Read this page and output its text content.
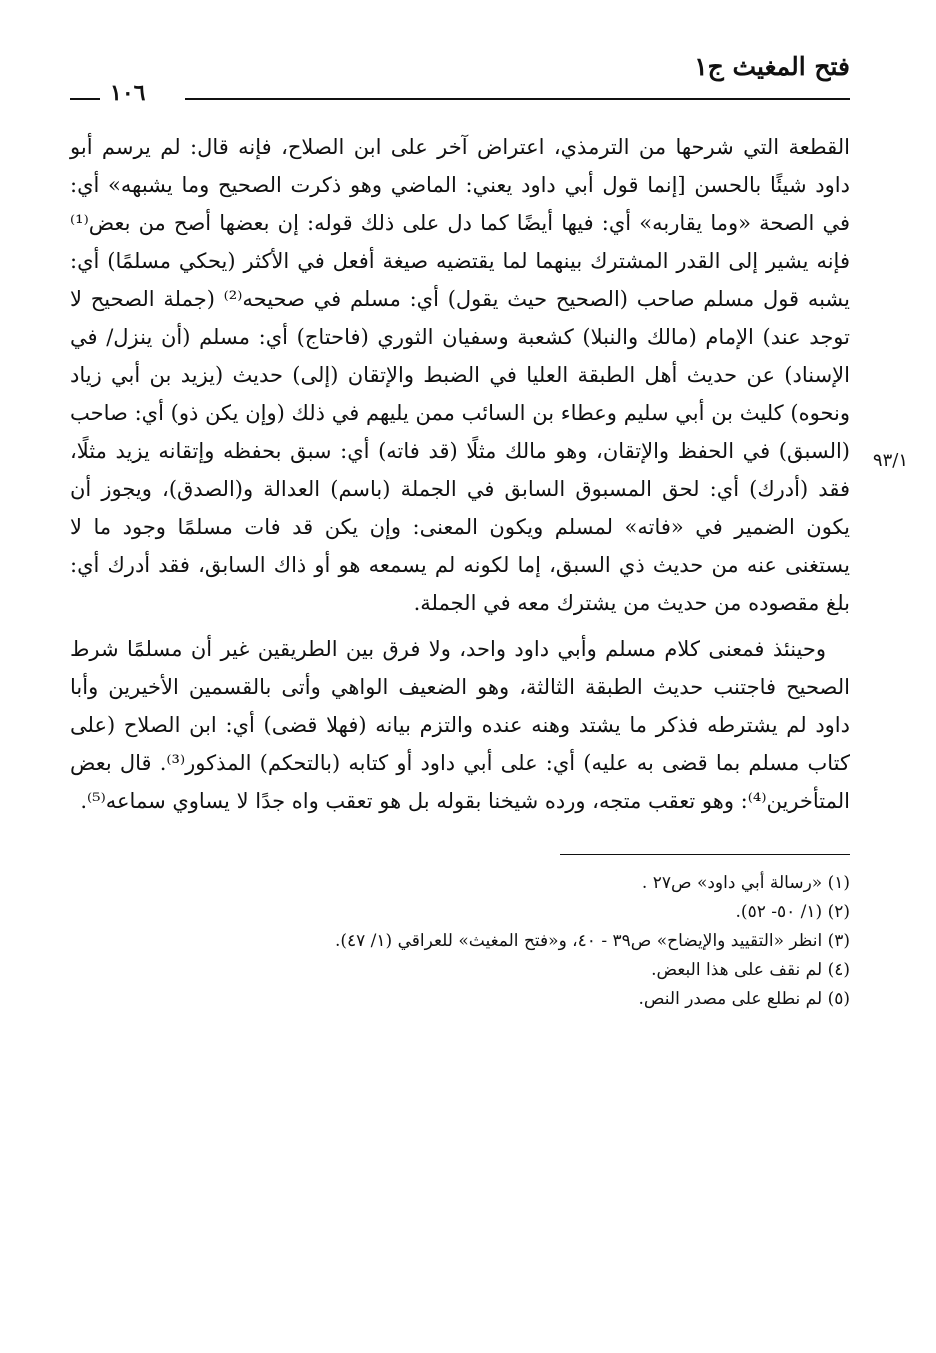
فتح المغيث ج١
١٠٦

القطعة التي شرحها من الترمذي، اعتراض آخر على ابن الصلاح، فإنه قال: لم يرسم أبو داود شيئًا بالحسن [إنما قول أبي داود يعني: الماضي وهو ذكرت الصحيح وما يشبهه» أي: في الصحة «وما يقاربه» أي: فيها أيضًا كما دل على ذلك قوله: إن بعضها أصح من بعض⁽¹⁾ فإنه يشير إلى القدر المشترك بينهما لما يقتضيه صيغة أفعل في الأكثر (يحكي مسلمًا) أي: يشبه قول مسلم صاحب (الصحيح حيث يقول) أي: مسلم في صحيحه⁽²⁾ (جملة الصحيح لا توجد عند) الإمام (مالك والنبلا) كشعبة وسفيان الثوري (فاحتاج) أي: مسلم (أن ينزل/ في الإسناد) عن حديث أهل الطبقة العليا في الضبط والإتقان (إلى) حديث (يزيد بن أبي زياد ونحوه) كليث بن أبي سليم وعطاء بن السائب ممن يليهم في ذلك (وإن يكن ذو) أي: صاحب (السبق) في الحفظ والإتقان، وهو مالك مثلًا (قد فاته) أي: سبق بحفظه وإتقانه يزيد مثلًا، فقد (أدرك) أي: لحق المسبوق السابق في الجملة (باسم) العدالة و(الصدق)، ويجوز أن يكون الضمير في «فاته» لمسلم ويكون المعنى: وإن يكن قد فات مسلمًا وجود ما لا يستغنى عنه من حديث ذي السبق، إما لكونه لم يسمعه هو أو ذاك السابق، فقد أدرك أي: بلغ مقصوده من حديث من يشترك معه في الجملة.

وحينئذ فمعنى كلام مسلم وأبي داود واحد، ولا فرق بين الطريقين غير أن مسلمًا شرط الصحيح فاجتنب حديث الطبقة الثالثة، وهو الضعيف الواهي وأتى بالقسمين الأخيرين وأبا داود لم يشترطه فذكر ما يشتد وهنه عنده والتزم بيانه (فهلا قضى) أي: ابن الصلاح (على كتاب مسلم بما قضى به عليه) أي: على أبي داود أو كتابه (بالتحكم) المذكور⁽³⁾. قال بعض المتأخرين⁽⁴⁾: وهو تعقب متجه، ورده شيخنا بقوله بل هو تعقب واه جدًا لا يساوي سماعه⁽⁵⁾.

٩٣/١
(١) «رسالة أبي داود» ص٢٧ .
(٢) (١/ ٥٠- ٥٢).
(٣) انظر «التقييد والإيضاح» ص٣٩ - ٤٠، و«فتح المغيث» للعراقي (١/ ٤٧).
(٤) لم نقف على هذا البعض.
(٥) لم نطلع على مصدر النص.
